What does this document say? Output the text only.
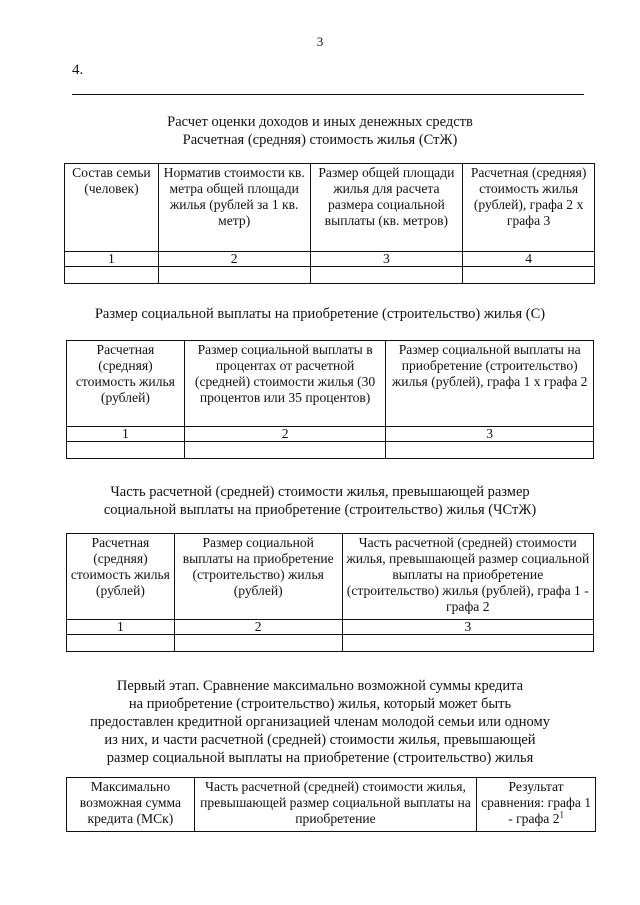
3
4.
Расчет оценки доходов и иных денежных средств
Расчетная (средняя) стоимость жилья (СтЖ)
Состав семьи (человек)	Норматив стоимости кв. метра общей площади жилья (рублей за 1 кв. метр)	Размер общей площади жилья для расчета размера социальной выплаты (кв. метров)	Расчетная (средняя) стоимость жилья (рублей), графа 2 х графа 3
1	2	3	4

Размер социальной выплаты на приобретение (строительство) жилья (С)
Расчетная (средняя) стоимость жилья (рублей)	Размер социальной выплаты в процентах от расчетной (средней) стоимости жилья (30 процентов или 35 процентов)	Размер социальной выплаты на приобретение (строительство) жилья (рублей), графа 1 х графа 2
1	2	3

Часть расчетной (средней) стоимости жилья, превышающей размер
социальной выплаты на приобретение (строительство) жилья (ЧСтЖ)
Расчетная (средняя) стоимость жилья (рублей)	Размер социальной выплаты на приобретение (строительство) жилья (рублей)	Часть расчетной (средней) стоимости жилья, превышающей размер социальной выплаты на приобретение (строительство) жилья (рублей), графа 1 - графа 2
1	2	3

Первый этап. Сравнение максимально возможной суммы кредита
на приобретение (строительство) жилья, который может быть
предоставлен кредитной организацией членам молодой семьи или одному
из них, и части расчетной (средней) стоимости жилья, превышающей
размер социальной выплаты на приобретение (строительство) жилья
Максимально возможная сумма кредита (МСк)	Часть расчетной (средней) стоимости жилья, превышающей размер социальной выплаты на приобретение	Результат сравнения: графа 1 - графа $2^1$
